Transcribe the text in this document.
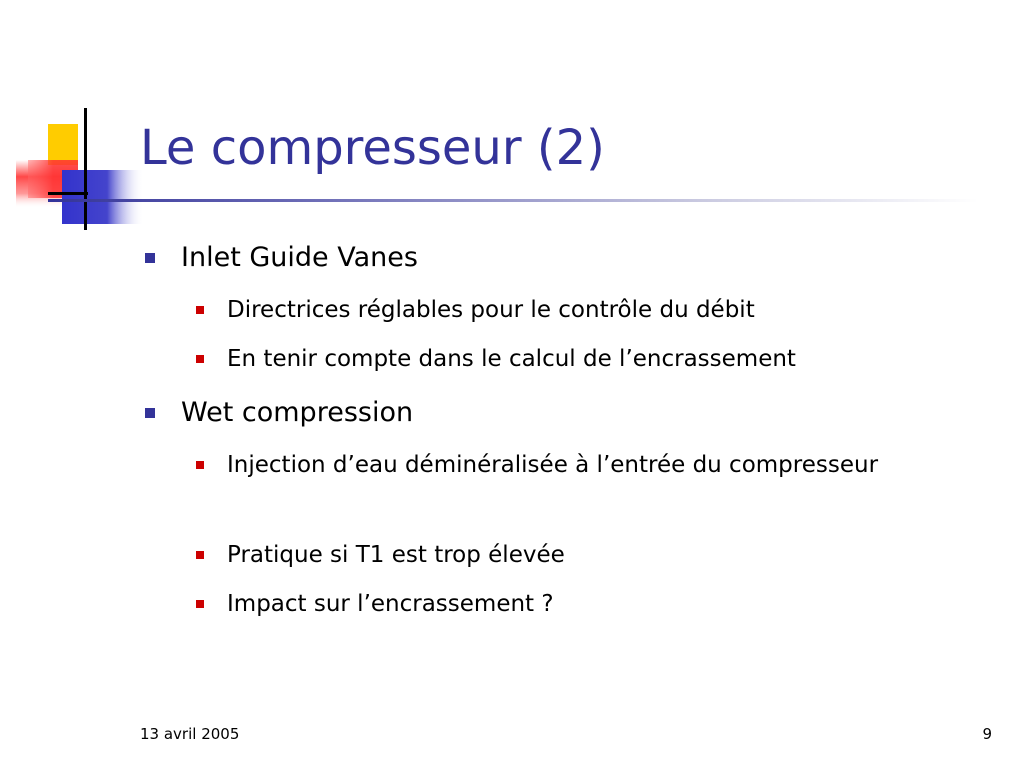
Le compresseur (2)
Inlet Guide Vanes
Directrices réglables pour le contrôle du débit
En tenir compte dans le calcul de l’encrassement
Wet compression
Injection d’eau déminéralisée à l’entrée du compresseur
Pratique si T1 est trop élevée
Impact sur l’encrassement ?
13 avril 2005	9
